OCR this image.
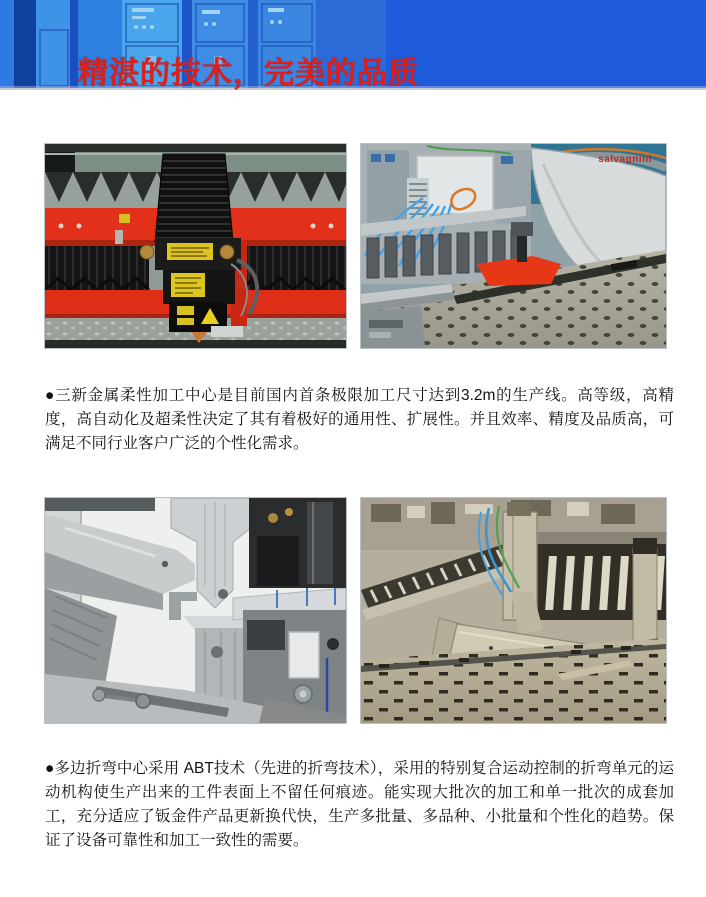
精湛的技术，完美的品质
salvagnini
●三新金属柔性加工中心是目前国内首条极限加工尺寸达到3.2m的生产线。高等级，高精度，高自动化及超柔性决定了其有着极好的通用性、扩展性。并且效率、精度及品质高，可满足不同行业客户广泛的个性化需求。
●多边折弯中心采用 ABT技术（先进的折弯技术），采用的特别复合运动控制的折弯单元的运动机构使生产出来的工件表面上不留任何痕迹。能实现大批次的加工和单一批次的成套加工，充分适应了钣金件产品更新换代快，生产多批量、多品种、小批量和个性化的趋势。保证了设备可靠性和加工一致性的需要。
